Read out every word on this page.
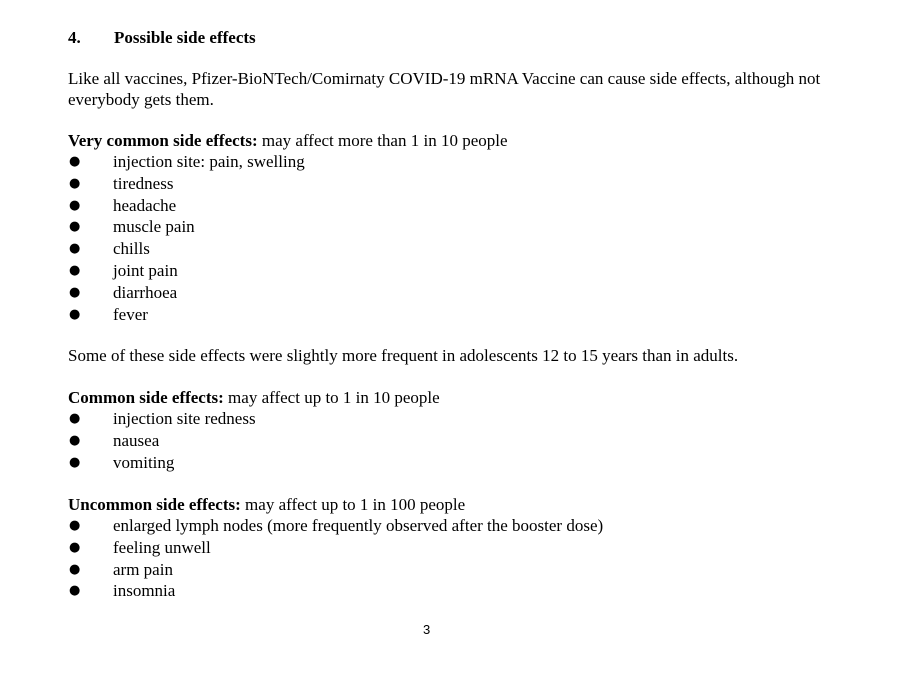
4. Possible side effects
Like all vaccines, Pfizer-BioNTech/Comirnaty COVID-19 mRNA Vaccine can cause side effects, although not everybody gets them.
Very common side effects: may affect more than 1 in 10 people
● injection site: pain, swelling
● tiredness
● headache
● muscle pain
● chills
● joint pain
● diarrhoea
● fever
Some of these side effects were slightly more frequent in adolescents 12 to 15 years than in adults.
Common side effects: may affect up to 1 in 10 people
● injection site redness
● nausea
● vomiting
Uncommon side effects: may affect up to 1 in 100 people
● enlarged lymph nodes (more frequently observed after the booster dose)
● feeling unwell
● arm pain
● insomnia
3
